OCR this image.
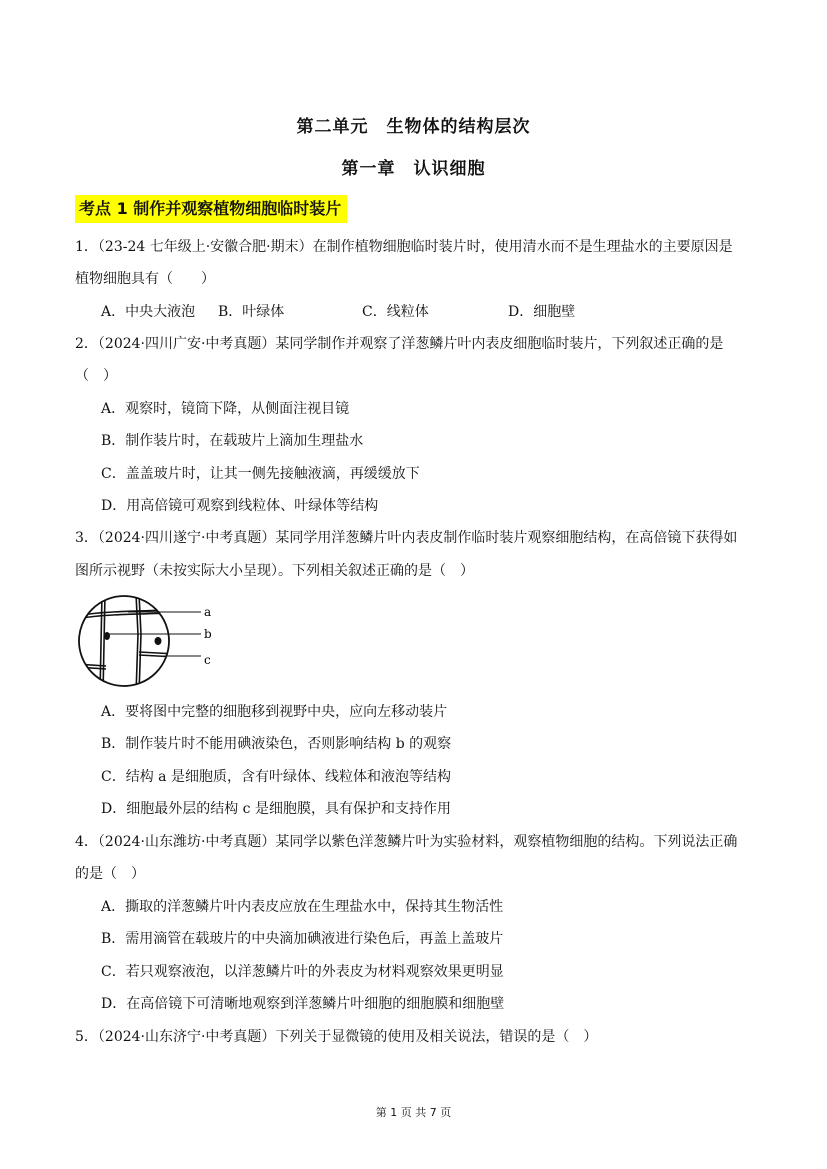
第二单元　生物体的结构层次
第一章　认识细胞
考点 1 制作并观察植物细胞临时装片
1．（23-24 七年级上·安徽合肥·期末）在制作植物细胞临时装片时，使用清水而不是生理盐水的主要原因是
植物细胞具有（　　）
A．中央大液泡 B．叶绿体	C．线粒体	D．细胞壁
2．（2024·四川广安·中考真题）某同学制作并观察了洋葱鳞片叶内表皮细胞临时装片，下列叙述正确的是
（　）
A．观察时，镜筒下降，从侧面注视目镜
B．制作装片时，在载玻片上滴加生理盐水
C．盖盖玻片时，让其一侧先接触液滴，再缓缓放下
D．用高倍镜可观察到线粒体、叶绿体等结构
3．（2024·四川遂宁·中考真题）某同学用洋葱鳞片叶内表皮制作临时装片观察细胞结构，在高倍镜下获得如
图所示视野（未按实际大小呈现）。下列相关叙述正确的是（　）
a
b
c
A．要将图中完整的细胞移到视野中央，应向左移动装片
B．制作装片时不能用碘液染色，否则影响结构 b 的观察
C．结构 a 是细胞质，含有叶绿体、线粒体和液泡等结构
D．细胞最外层的结构 c 是细胞膜，具有保护和支持作用
4．（2024·山东潍坊·中考真题）某同学以紫色洋葱鳞片叶为实验材料，观察植物细胞的结构。下列说法正确
的是（　）
A．撕取的洋葱鳞片叶内表皮应放在生理盐水中，保持其生物活性
B．需用滴管在载玻片的中央滴加碘液进行染色后，再盖上盖玻片
C．若只观察液泡，以洋葱鳞片叶的外表皮为材料观察效果更明显
D．在高倍镜下可清晰地观察到洋葱鳞片叶细胞的细胞膜和细胞壁
5．（2024·山东济宁·中考真题）下列关于显微镜的使用及相关说法，错误的是（　）
第 1 页 共 7 页
